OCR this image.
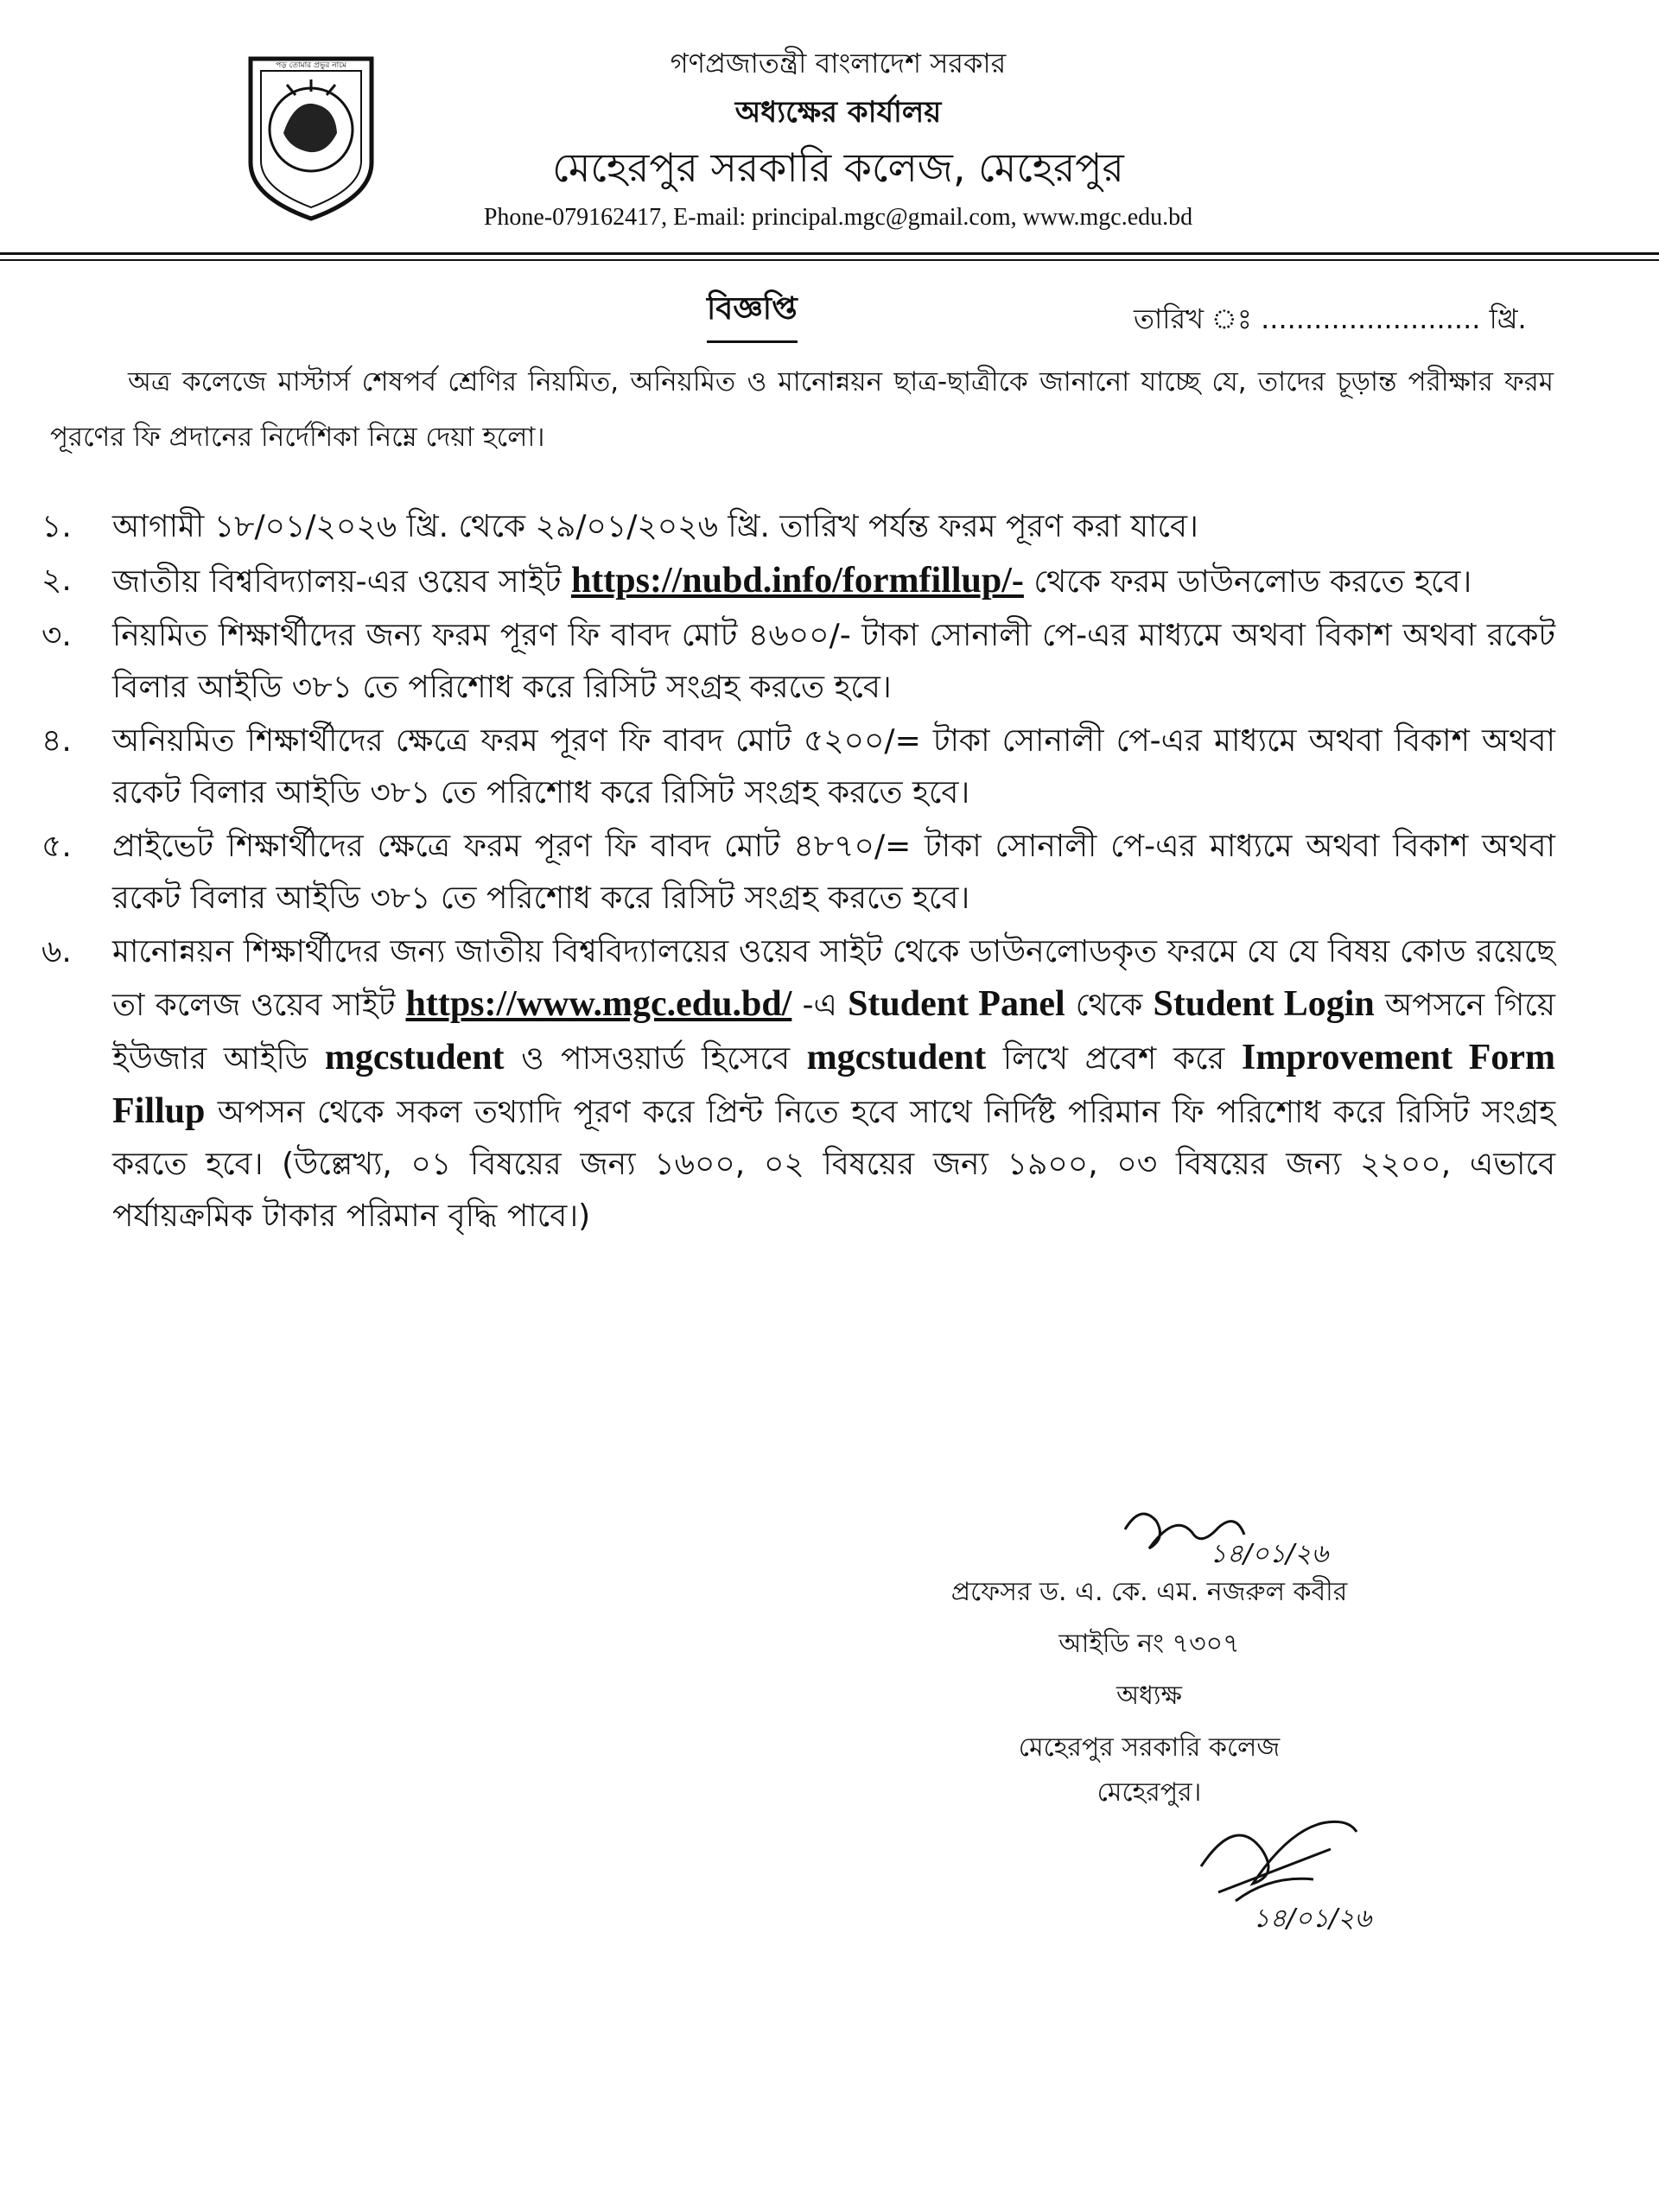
পড় তোমার প্রভুর নামে	গণপ্রজাতন্ত্রী বাংলাদেশ সরকার
অধ্যক্ষের কার্যালয়
মেহেরপুর সরকারি কলেজ, মেহেরপুর
Phone-079162417, E-mail: principal.mgc@gmail.com, www.mgc.edu.bd
বিজ্ঞপ্তি	তারিখ ঃ ......................... খ্রি.
অত্র কলেজে মাস্টার্স শেষপর্ব শ্রেণির নিয়মিত, অনিয়মিত ও মানোন্নয়ন ছাত্র-ছাত্রীকে জানানো যাচ্ছে যে, তাদের চূড়ান্ত পরীক্ষার ফরম পূরণের ফি প্রদানের নির্দেশিকা নিম্নে দেয়া হলো।
১. আগামী ১৮/০১/২০২৬ খ্রি. থেকে ২৯/০১/২০২৬ খ্রি. তারিখ পর্যন্ত ফরম পূরণ করা যাবে।
২. জাতীয় বিশ্ববিদ্যালয়-এর ওয়েব সাইট https://nubd.info/formfillup/- থেকে ফরম ডাউনলোড করতে হবে।
৩. নিয়মিত শিক্ষার্থীদের জন্য ফরম পূরণ ফি বাবদ মোট ৪৬০০/- টাকা সোনালী পে-এর মাধ্যমে অথবা বিকাশ অথবা রকেট বিলার আইডি ৩৮১ তে পরিশোধ করে রিসিট সংগ্রহ করতে হবে।
৪. অনিয়মিত শিক্ষার্থীদের ক্ষেত্রে ফরম পূরণ ফি বাবদ মোট ৫২০০/= টাকা সোনালী পে-এর মাধ্যমে অথবা বিকাশ অথবা রকেট বিলার আইডি ৩৮১ তে পরিশোধ করে রিসিট সংগ্রহ করতে হবে।
৫. প্রাইভেট শিক্ষার্থীদের ক্ষেত্রে ফরম পূরণ ফি বাবদ মোট ৪৮৭০/= টাকা সোনালী পে-এর মাধ্যমে অথবা বিকাশ অথবা রকেট বিলার আইডি ৩৮১ তে পরিশোধ করে রিসিট সংগ্রহ করতে হবে।
৬. মানোন্নয়ন শিক্ষার্থীদের জন্য জাতীয় বিশ্ববিদ্যালয়ের ওয়েব সাইট থেকে ডাউনলোডকৃত ফরমে যে যে বিষয় কোড রয়েছে তা কলেজ ওয়েব সাইট https://www.mgc.edu.bd/ -এ Student Panel থেকে Student Login অপসনে গিয়ে ইউজার আইডি mgcstudent ও পাসওয়ার্ড হিসেবে mgcstudent লিখে প্রবেশ করে Improvement Form Fillup অপসন থেকে সকল তথ্যাদি পূরণ করে প্রিন্ট নিতে হবে সাথে নির্দিষ্ট পরিমান ফি পরিশোধ করে রিসিট সংগ্রহ করতে হবে। (উল্লেখ্য, ০১ বিষয়ের জন্য ১৬০০, ০২ বিষয়ের জন্য ১৯০০, ০৩ বিষয়ের জন্য ২২০০, এভাবে পর্যায়ক্রমিক টাকার পরিমান বৃদ্ধি পাবে।)
১৪/০১/২৬
প্রফেসর ড. এ. কে. এম. নজরুল কবীর
আইডি নং ৭৩০৭
অধ্যক্ষ
মেহেরপুর সরকারি কলেজ
মেহেরপুর।
১৪/০১/২৬
